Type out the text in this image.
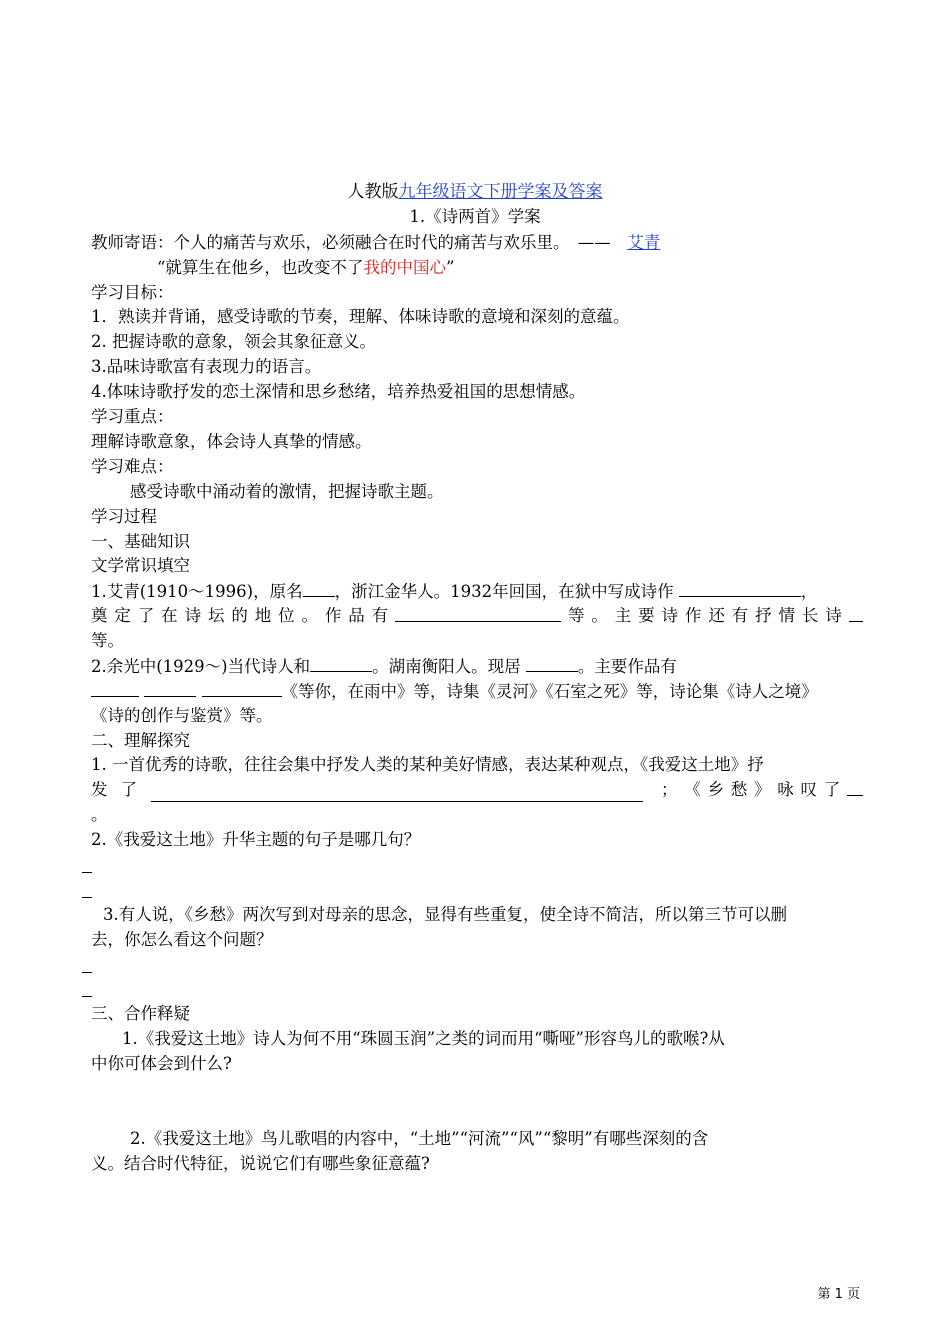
人教版九年级语文下册学案及答案
1.《诗两首》学案
教师寄语：个人的痛苦与欢乐，必须融合在时代的痛苦与欢乐里。　——　艾青
“就算生在他乡，也改变不了我的中国心”
学习目标：
1．熟读并背诵，感受诗歌的节奏，理解、体味诗歌的意境和深刻的意蕴。
2. 把握诗歌的意象，领会其象征意义。
3.品味诗歌富有表现力的语言。
4.体味诗歌抒发的恋土深情和思乡愁绪，培养热爱祖国的思想情感。
学习重点：
理解诗歌意象，体会诗人真挚的情感。
学习难点：
感受诗歌中涌动着的激情，把握诗歌主题。
学习过程
一、基础知识
文学常识填空
1.艾青(1910～1996)，原名 ，浙江金华人。1932年回国，在狱中写成诗作	，
奠 定 了 在 诗 坛 的 地 位 。 作 品 有	等 。 主 要 诗 作 还 有 抒 情 长 诗
等。
2.余光中(1929～)当代诗人和	。湖南衡阳人。现居	。主要作品有
《等你，在雨中》等，诗集《灵河》《石室之死》等，诗论集《诗人之境》
《诗的创作与鉴赏》等。
二、理解探究
1. 一首优秀的诗歌，往往会集中抒发人类的某种美好情感，表达某种观点，《我爱这土地》抒
发 了	； 《 乡 愁 》 咏 叹 了
。
2.《我爱这土地》升华主题的句子是哪几句？
3.有人说，《乡愁》两次写到对母亲的思念，显得有些重复，使全诗不简洁，所以第三节可以删
去，你怎么看这个问题？
三、合作释疑
1.《我爱这土地》诗人为何不用“珠圆玉润”之类的词而用“嘶哑”形容鸟儿的歌喉?从
中你可体会到什么?
2.《我爱这土地》鸟儿歌唱的内容中，“土地”“河流”“风”“黎明”有哪些深刻的含
义。结合时代特征，说说它们有哪些象征意蕴?
第 1 页
